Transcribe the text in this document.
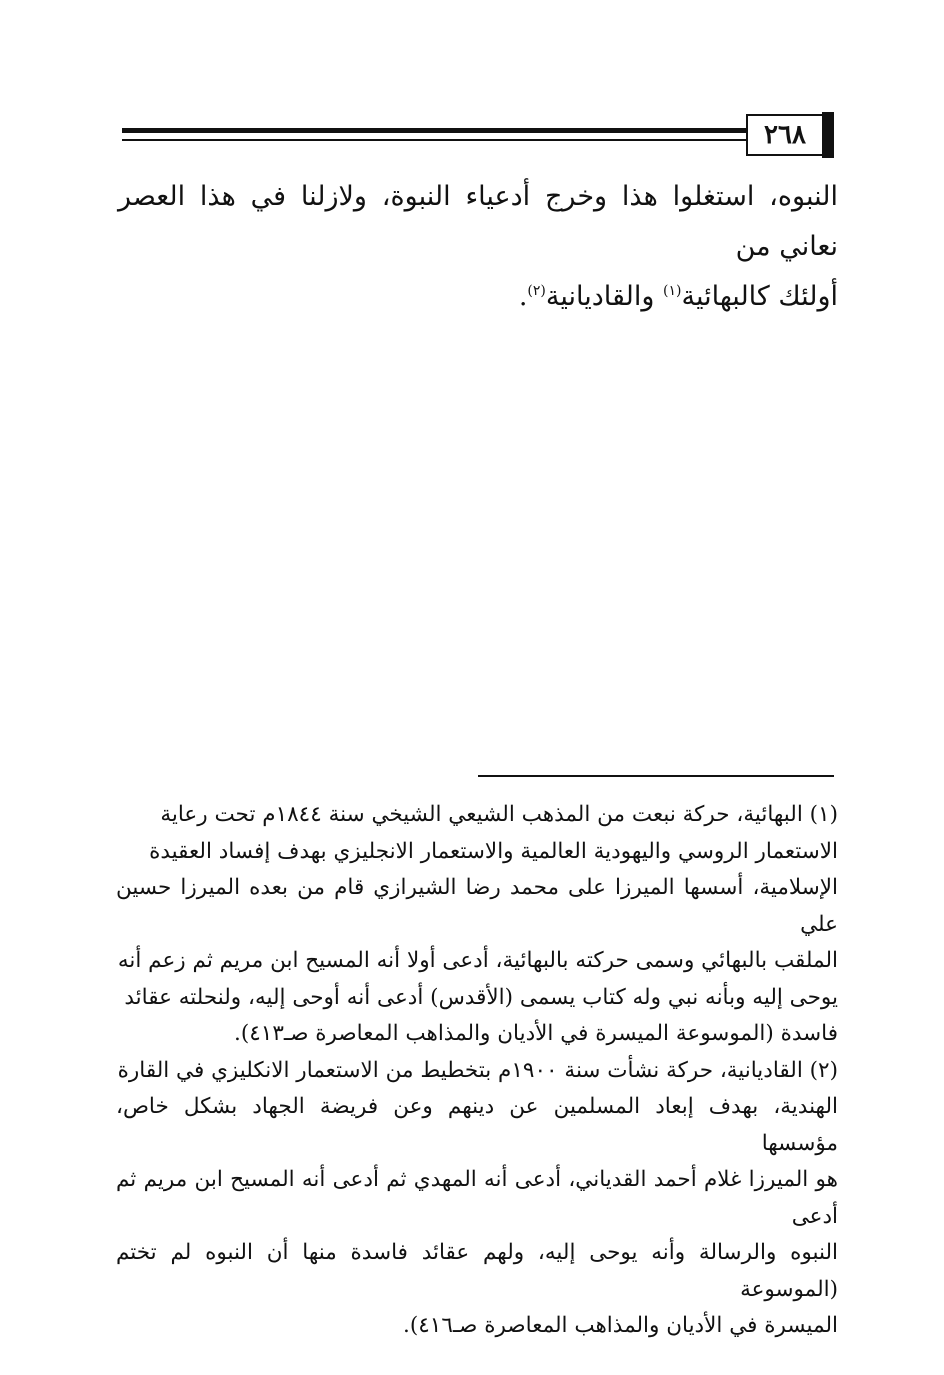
٢٦٨
النبوه، استغلوا هذا وخرج أدعياء النبوة، ولازلنا في هذا العصر نعاني من
أولئك كالبهائية$^{(١)}$ والقاديانية$^{(٢)}$.

(١) البهائية، حركة نبعت من المذهب الشيعي الشيخي سنة ١٨٤٤م تحت رعاية

الاستعمار الروسي واليهودية العالمية والاستعمار الانجليزي بهدف إفساد العقيدة

الإسلامية، أسسها الميرزا على محمد رضا الشيرازي قام من بعده الميرزا حسين علي

الملقب بالبهائي وسمى حركته بالبهائية، أدعى أولا أنه المسيح ابن مريم ثم زعم أنه

يوحى إليه وبأنه نبي وله كتاب يسمى (الأقدس) أدعى أنه أوحى إليه، ولنحلته عقائد

فاسدة (الموسوعة الميسرة في الأديان والمذاهب المعاصرة صـ٤١٣).

(٢) القاديانية، حركة نشأت سنة ١٩٠٠م بتخطيط من الاستعمار الانكليزي في القارة

الهندية، بهدف إبعاد المسلمين عن دينهم وعن فريضة الجهاد بشكل خاص، مؤسسها

هو الميرزا غلام أحمد القدياني، أدعى أنه المهدي ثم أدعى أنه المسيح ابن مريم ثم أدعى

النبوه والرسالة وأنه يوحى إليه، ولهم عقائد فاسدة منها أن النبوه لم تختم (الموسوعة

الميسرة في الأديان والمذاهب المعاصرة صـ٤١٦).
